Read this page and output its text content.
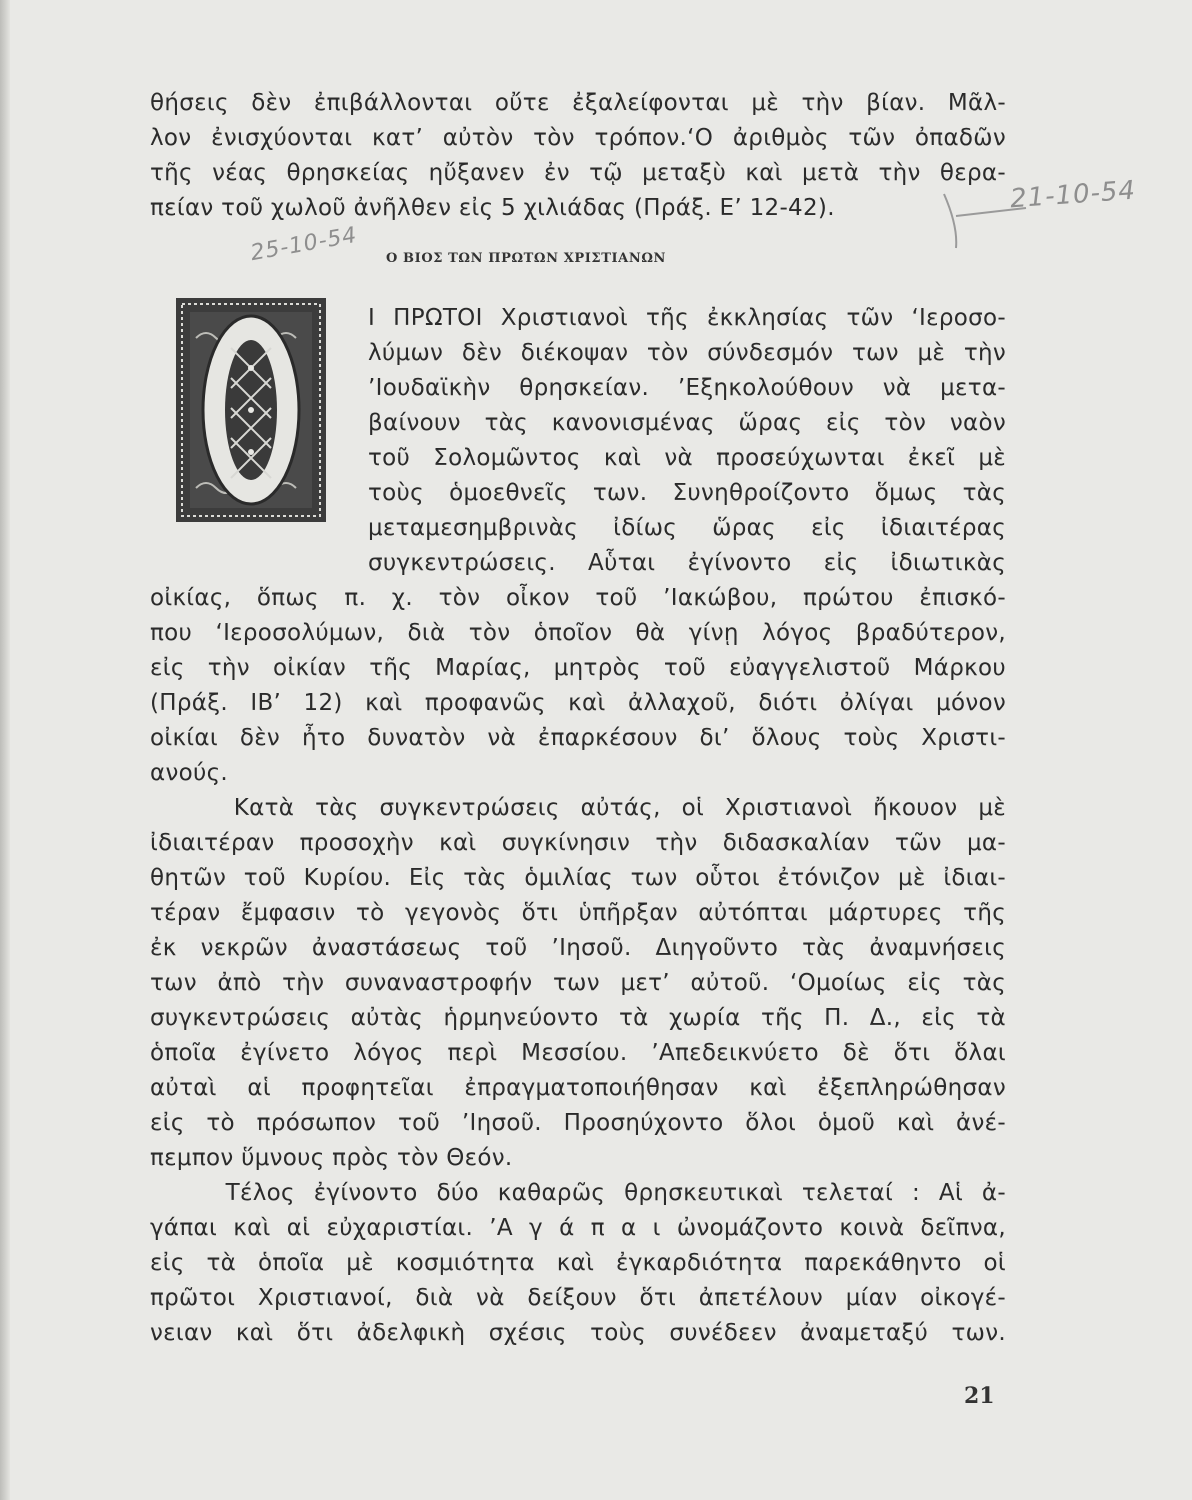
θήσεις δὲν ἐπιβάλλονται οὔτε ἐξαλείφονται μὲ τὴν βίαν. Μᾶλ-
λον ἐνισχύονται κατ’ αὐτὸν τὸν τρόπον.‘Ο ἀριθμὸς τῶν ὀπαδῶν
τῆς νέας θρησκείας ηὔξανεν ἐν τῷ μεταξὺ καὶ μετὰ τὴν θερα-
πείαν τοῦ χωλοῦ ἀνῆλθεν εἰς 5 χιλιάδας (Πράξ. Ε’ 12-42).	21-10-54
25-10-54 Ο ΒΙΟΣ ΤΩΝ ΠΡΩΤΩΝ ΧΡΙΣΤΙΑΝΩΝ
Ι ΠΡΩΤΟΙ Χριστιανοὶ τῆς ἐκκλησίας τῶν ‘Ιεροσο-
λύμων δὲν διέκοψαν τὸν σύνδεσμόν των μὲ τὴν
’Ιουδαϊκὴν θρησκείαν. ’Εξηκολούθουν νὰ μετα-
βαίνουν τὰς κανονισμένας ὥρας εἰς τὸν ναὸν
τοῦ Σολομῶντος καὶ νὰ προσεύχωνται ἐκεῖ μὲ
τοὺς ὁμοεθνεῖς των. Συνηθροίζοντο ὅμως τὰς
μεταμεσημβρινὰς ἰδίως ὥρας εἰς ἰδιαιτέρας
συγκεντρώσεις. Αὗται ἐγίνοντο εἰς ἰδιωτικὰς
οἰκίας, ὅπως π. χ. τὸν οἶκον τοῦ ’Ιακώβου, πρώτου ἐπισκό-
που ‘Ιεροσολύμων, διὰ τὸν ὁποῖον θὰ γίνῃ λόγος βραδύτερον,
εἰς τὴν οἰκίαν τῆς Μαρίας, μητρὸς τοῦ εὐαγγελιστοῦ Μάρκου
(Πράξ. ΙΒ’ 12) καὶ προφανῶς καὶ ἀλλαχοῦ, διότι ὀλίγαι μόνον
οἰκίαι δὲν ἦτο δυνατὸν νὰ ἐπαρκέσουν δι’ ὅλους τοὺς Χριστι-
ανούς.
Κατὰ τὰς συγκεντρώσεις αὐτάς, οἱ Χριστιανοὶ ἤκουον μὲ
ἰδιαιτέραν προσοχὴν καὶ συγκίνησιν τὴν διδασκαλίαν τῶν μα-
θητῶν τοῦ Κυρίου. Εἰς τὰς ὁμιλίας των οὗτοι ἐτόνιζον μὲ ἰδιαι-
τέραν ἔμφασιν τὸ γεγονὸς ὅτι ὑπῆρξαν αὐτόπται μάρτυρες τῆς
ἐκ νεκρῶν ἀναστάσεως τοῦ ’Ιησοῦ. Διηγοῦντο τὰς ἀναμνήσεις
των ἀπὸ τὴν συναναστροφήν των μετ’ αὐτοῦ. ‘Ομοίως εἰς τὰς
συγκεντρώσεις αὐτὰς ἡρμηνεύοντο τὰ χωρία τῆς Π. Δ., εἰς τὰ
ὁποῖα ἐγίνετο λόγος περὶ Μεσσίου. ’Απεδεικνύετο δὲ ὅτι ὅλαι
αὐταὶ αἱ προφητεῖαι ἐπραγματοποιήθησαν καὶ ἐξεπληρώθησαν
εἰς τὸ πρόσωπον τοῦ ’Ιησοῦ. Προσηύχοντο ὅλοι ὁμοῦ καὶ ἀνέ-
πεμπον ὕμνους πρὸς τὸν Θεόν.
Τέλος ἐγίνοντο δύο καθαρῶς θρησκευτικαὶ τελεταί : Αἱ ἀ-
γάπαι καὶ αἱ εὐχαριστίαι. ’Α γ ά π α ι ὠνομάζοντο κοινὰ δεῖπνα,
εἰς τὰ ὁποῖα μὲ κοσμιότητα καὶ ἐγκαρδιότητα παρεκάθηντο οἱ
πρῶτοι Χριστιανοί, διὰ νὰ δείξουν ὅτι ἀπετέλουν μίαν οἰκογέ-
νειαν καὶ ὅτι ἀδελφικὴ σχέσις τοὺς συνέδεεν ἀναμεταξύ των.
21
